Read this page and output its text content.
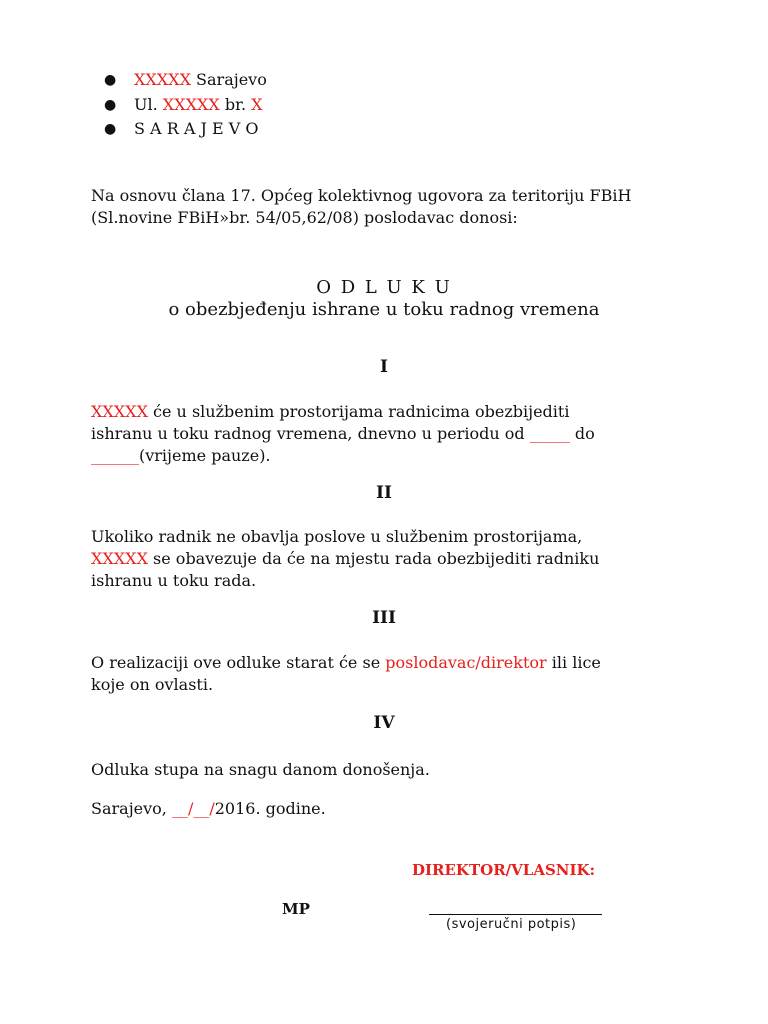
● XXXXX Sarajevo
● Ul. XXXXX br. X
● S A R A J E V O
Na osnovu člana 17. Općeg kolektivnog ugovora za teritoriju FBiH
(Sl.novine FBiH»br. 54/05,62/08) poslodavac donosi:
O D L U K U
o obezbjeđenju ishrane u toku radnog vremena
I
XXXXX će u službenim prostorijama radnicima obezbijediti
ishranu u toku radnog vremena, dnevno u periodu od _____ do
______(vrijeme pauze).
II
Ukoliko radnik ne obavlja poslove u službenim prostorijama,
XXXXX se obavezuje da će na mjestu rada obezbijediti radniku
ishranu u toku rada.
III
O realizaciji ove odluke starat će se poslodavac/direktor ili lice
koje on ovlasti.
IV
Odluka stupa na snagu danom donošenja.
Sarajevo, __/__/2016. godine.
DIREKTOR/VLASNIK:
MP
(svojeručni potpis)
